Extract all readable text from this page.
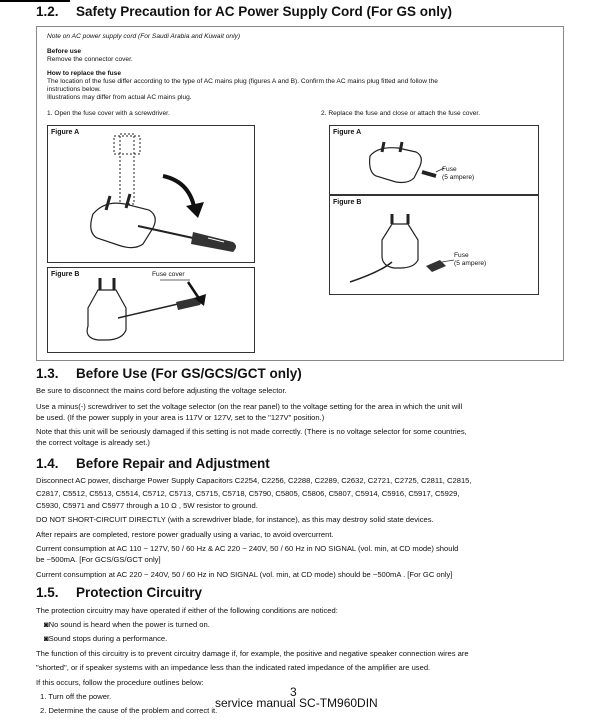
1.2. Safety Precaution for AC Power Supply Cord (For GS only)
Note on AC power supply cord (For Saudi Arabia and Kuwait only)
Before use
Remove the connector cover.
How to replace the fuse
The location of the fuse differ according to the type of AC mains plug (figures A and B). Confirm the AC mains plug fitted and follow the
instructions below.
Illustrations may differ from actual AC mains plug.
1. Open the fuse cover with a screwdriver.	2. Replace the fuse and close or attach the fuse cover.
Figure A
Figure B	Fuse cover
Figure A
Fuse
(5 ampere)
Figure B
Fuse
(5 ampere)
1.3. Before Use (For GS/GCS/GCT only)

Be sure to disconnect the mains cord before adjusting the voltage selector.

Use a minus(-) screwdriver to set the voltage selector (on the rear panel) to the voltage setting for the area in which the unit will

be used. (If the power supply in your area is 117V or 127V, set to the "127V" position.)

Note that this unit will be seriously damaged if this setting is not made correctly. (There is no voltage selector for some countries,

the correct voltage is already set.)

1.4. Before Repair and Adjustment

Disconnect AC power, discharge Power Supply Capacitors C2254, C2256, C2288, C2289, C2632, C2721, C2725, C2811, C2815,

C2817, C5512, C5513, C5514, C5712, C5713, C5715, C5718, C5790, C5805, C5806, C5807, C5914, C5916, C5917, C5929,

C5930, C5971 and C5977 through a 10 Ω , 5W resistor to ground.

DO NOT SHORT-CIRCUIT DIRECTLY (with a screwdriver blade, for instance), as this may destroy solid state devices.

After repairs are completed, restore power gradually using a variac, to avoid overcurrent.

Current consumption at AC 110 ~ 127V, 50 / 60 Hz & AC 220 ~ 240V, 50 / 60 Hz in NO SIGNAL (vol. min, at CD mode) should

be ~500mA. [For GCS/GS/GCT only]

Current consumption at AC 220 ~ 240V, 50 / 60 Hz in NO SIGNAL (vol. min, at CD mode) should be ~500mA . [For GC only]

1.5. Protection Circuitry

The protection circuitry may have operated if either of the following conditions are noticed:

◙No sound is heard when the power is turned on.

◙Sound stops during a performance.

The function of this circuitry is to prevent circuitry damage if, for example, the positive and negative speaker connection wires are

"shorted", or if speaker systems with an impedance less than the indicated rated impedance of the amplifier are used.

If this occurs, follow the procedure outlines below:

1. Turn off the power.

2. Determine the cause of the problem and correct it.

3
service manual SC-TM960DIN
